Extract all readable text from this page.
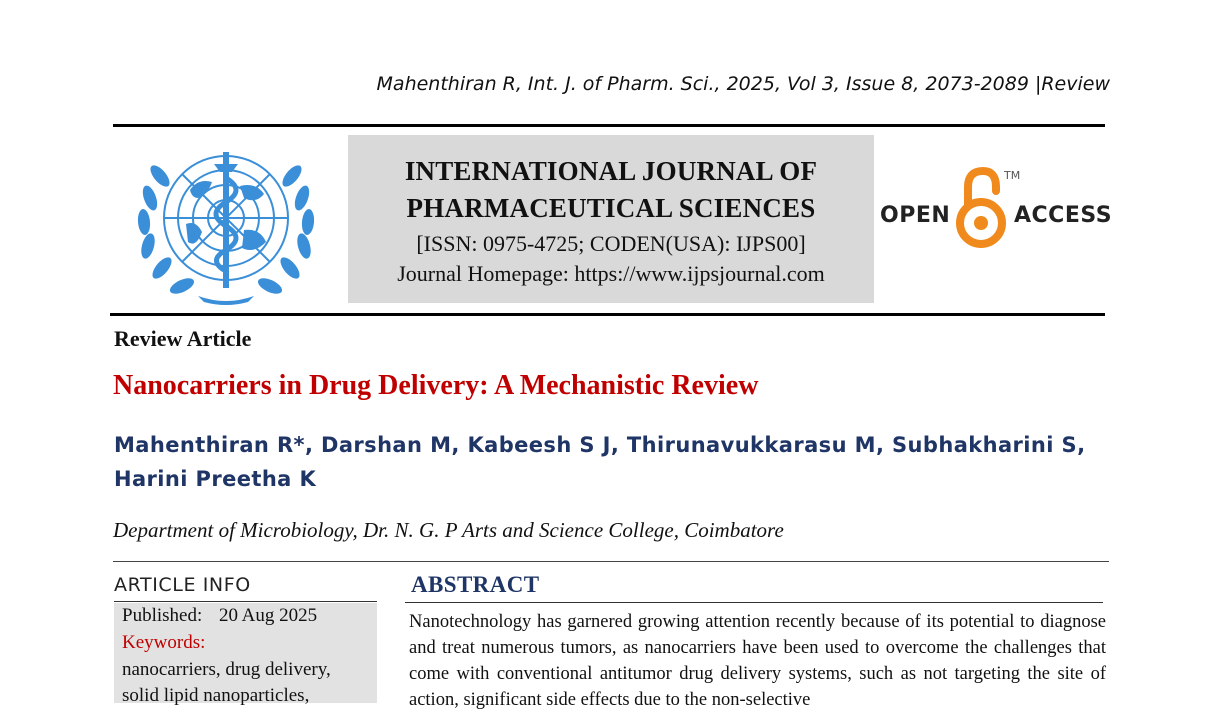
Mahenthiran R, Int. J. of Pharm. Sci., 2025, Vol 3, Issue 8, 2073-2089 |Review
INTERNATIONAL JOURNAL OF
PHARMACEUTICAL SCIENCES
[ISSN: 0975-4725; CODEN(USA): IJPS00]
Journal Homepage: https://www.ijpsjournal.com
OPEN	ACCESS
TM
Review Article
Nanocarriers in Drug Delivery: A Mechanistic Review
Mahenthiran R*, Darshan M, Kabeesh S J, Thirunavukkarasu M, Subhakharini S,
Harini Preetha K
Department of Microbiology, Dr. N. G. P Arts and Science College, Coimbatore
ARTICLE INFO
Published: 20 Aug 2025
Keywords:
nanocarriers, drug delivery,
solid lipid nanoparticles,
ABSTRACT
Nanotechnology has garnered growing attention recently because of its potential to diagnose and treat numerous tumors, as nanocarriers have been used to overcome the challenges that come with conventional antitumor drug delivery systems, such as not targeting the site of action, significant side effects due to the non-selective
